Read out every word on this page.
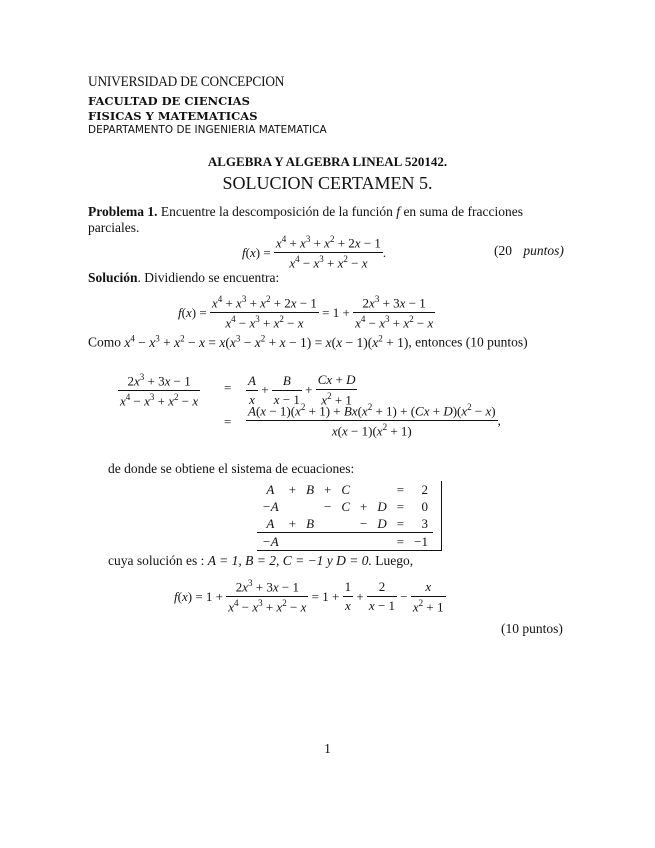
UNIVERSIDAD DE CONCEPCION
FACULTAD DE CIENCIAS
FISICAS Y MATEMATICAS
DEPARTAMENTO DE INGENIERIA MATEMATICA
ALGEBRA Y ALGEBRA LINEAL 520142.
SOLUCION CERTAMEN 5.
Problema 1. Encuentre la descomposición de la función f en suma de fracciones
parciales.
$f(x) = \frac{x^4 + x^3 + x^2 + 2x - 1}{x^4 - x^3 + x^2 - x}$ .	(20 puntos)
Solución. Dividiendo se encuentra:
$f(x) = \frac{x^4 + x^3 + x^2 + 2x - 1}{x^4 - x^3 + x^2 - x} = 1 + \frac{2x^3 + 3x - 1}{x^4 - x^3 + x^2 - x}$
Como $x^4 - x^3 + x^2 - x = x(x^3 - x^2 + x - 1) = x(x - 1)(x^2 + 1)$, entonces (10 puntos)
$\frac{2x^3 + 3x - 1}{x^4 - x^3 + x^2 - x} = \frac{A}{x} + \frac{B}{x - 1} + \frac{Cx + D}{x^2 + 1}$
= $\frac{A(x - 1)(x^2 + 1) + Bx(x^2 + 1) + (Cx + D)(x^2 - x)}{x(x - 1)(x^2 + 1)}$ ,
de donde se obtiene el sistema de ecuaciones:
A	+	B	+	C			=	2
−A			−	C	+	D	=	0
A	+	B			−	D	=	3
−A							=	−1
cuya solución es : A = 1, B = 2, C = −1 y D = 0. Luego,
$f(x) = 1 + \frac{2x^3 + 3x - 1}{x^4 - x^3 + x^2 - x} = 1 + \frac{1}{x} + \frac{2}{x - 1} - \frac{x}{x^2 + 1}$
(10 puntos)
1
